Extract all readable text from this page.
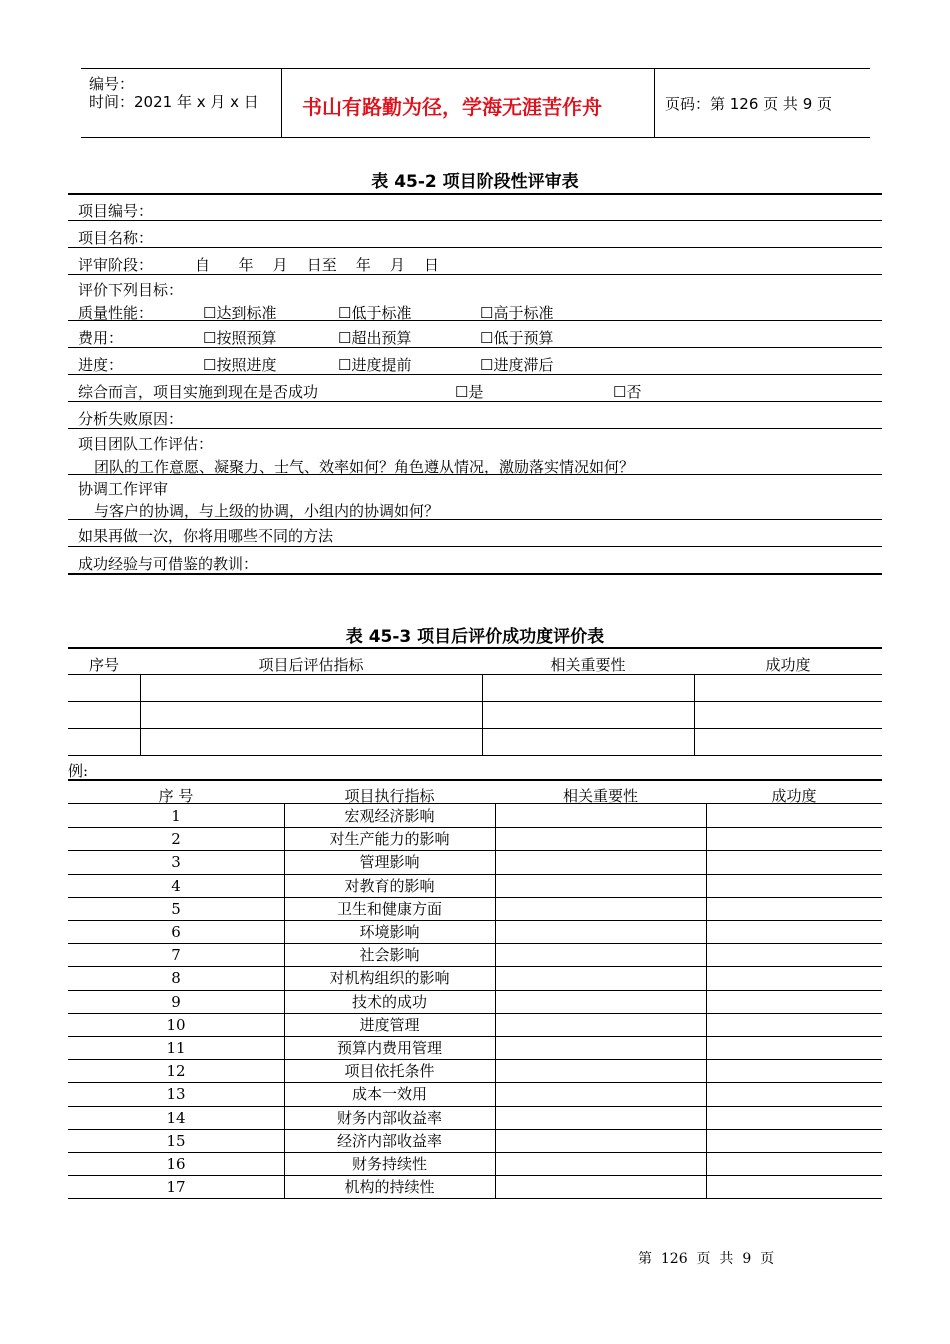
编号：
时间：2021 年 x 月 x 日 书山有路勤为径，学海无涯苦作舟	页码：第 126 页 共 9 页
表 45-2 项目阶段性评审表
项目编号：
项目名称：
评审阶段：	自      年    月    日至    年    月    日
评价下列目标：
质量性能：	☐达到标准	☐低于标准	☐高于标准
费用：	☐按照预算	☐超出预算	☐低于预算
进度：	☐按照进度	☐进度提前	☐进度滞后
综合而言，项目实施到现在是否成功	☐是	☐否
分析失败原因：
项目团队工作评估：
团队的工作意愿、凝聚力、士气、效率如何？角色遵从情况，激励落实情况如何？
协调工作评审
与客户的协调，与上级的协调，小组内的协调如何？
如果再做一次，你将用哪些不同的方法
成功经验与可借鉴的教训：
表 45-3 项目后评价成功度评价表
序号	项目后评估指标	相关重要性	成功度
例:
序 号	项目执行指标	相关重要性	成功度
1	宏观经济影响
2	对生产能力的影响
3	管理影响
4	对教育的影响
5	卫生和健康方面
6	环境影响
7	社会影响
8	对机构组织的影响
9	技术的成功
10	进度管理
11	预算内费用管理
12	项目依托条件
13	成本一效用
14	财务内部收益率
15	经济内部收益率
16	财务持续性
17	机构的持续性
第  126  页  共  9  页
